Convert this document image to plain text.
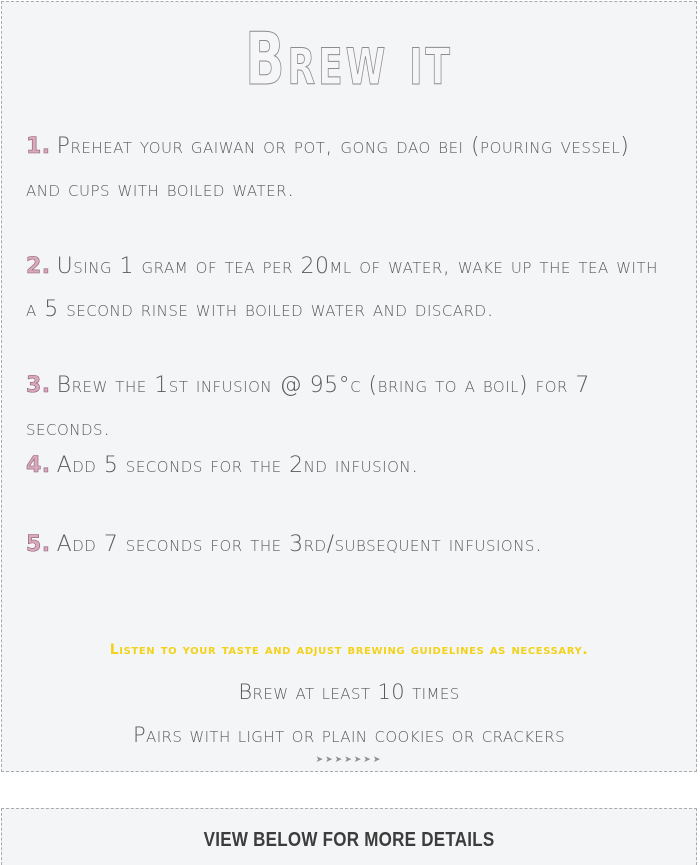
Brew it
1. Preheat your gaiwan or pot, gong dao bei (pouring vessel) and cups with boiled water.
2. Using 1 gram of tea per 20ml of water, wake up the tea with a 5 second rinse with boiled water and discard.
3. Brew the 1st infusion @ 95°c (bring to a boil) for 7 seconds.
4. Add 5 seconds for the 2nd infusion.
5. Add 7 seconds for the 3rd/subsequent infusions.
Listen to your taste and adjust brewing guidelines as necessary.
Brew at least 10 times
Pairs with light or plain cookies or crackers
➤➤➤➤➤➤➤
VIEW BELOW FOR MORE DETAILS
